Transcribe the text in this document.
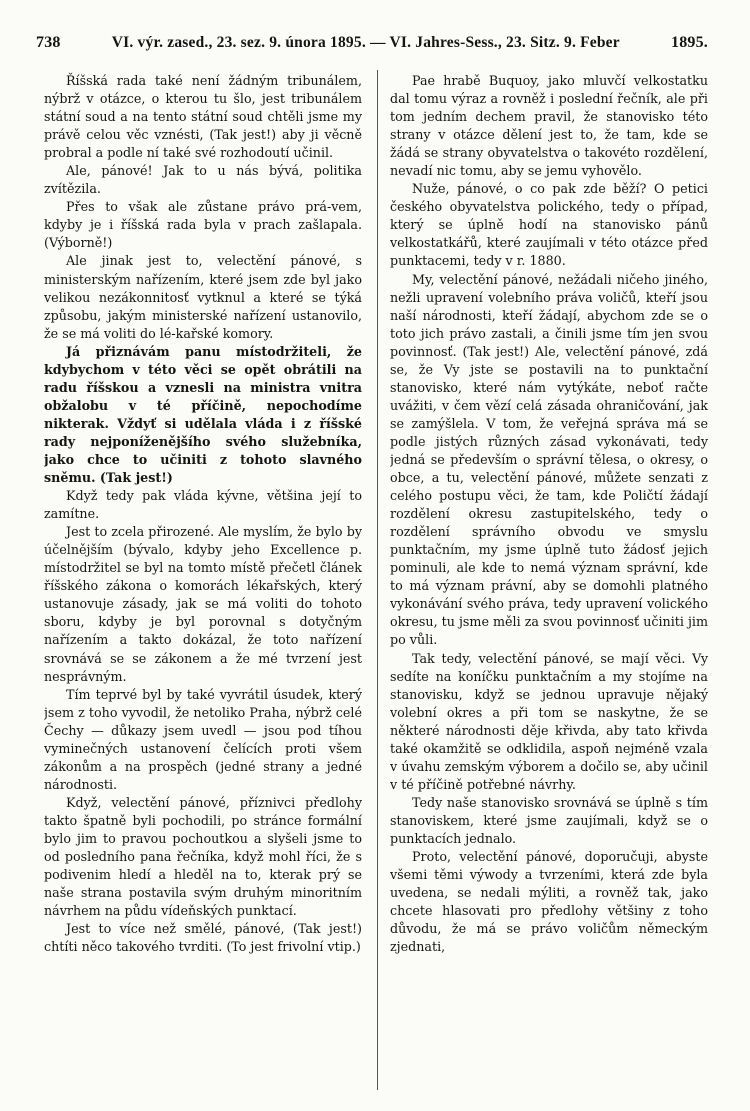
738	VI. výr. zased., 23. sez. 9. února 1895. — VI. Jahres-Sess., 23. Sitz. 9. Feber	1895.

Říšská rada také není žádným tribunálem, nýbrž v otázce, o kterou tu šlo, jest tribunálem státní soud a na tento státní soud chtěli jsme my právě celou věc vznésti, (Tak jest!) aby ji věcně probral a podle ní také své rozhodoutí učinil.

Ale, pánové! Jak to u nás bývá, politika zvítězila.

Přes to však ale zůstane právo prá-vem, kdyby je i říšská rada byla v prach zašlapala. (Výborně!)

Ale jinak jest to, velectění pánové, s ministerským nařízením, které jsem zde byl jako velikou nezákonnitosť vytknul a které se týká způsobu, jakým ministerské nařízení ustanovilo, že se má voliti do lé-kařské komory.

Já přiznávám panu místodržiteli, že kdybychom v této věci se opět obrátili na radu říšskou a vznesli na ministra vnitra obžalobu v té příčině, nepochodíme nikterak. Vždyť si udělala vláda i z říšské rady nejponíženějšího svého služebníka, jako chce to učiniti z tohoto slavného sněmu. (Tak jest!)

Když tedy pak vláda kývne, většina její to zamítne.

Jest to zcela přirozené. Ale myslím, že bylo by účelnějším (bývalo, kdyby jeho Excellence p. místodržitel se byl na tomto místě přečetl článek říšského zákona o komorách lékařských, který ustanovuje zásady, jak se má voliti do tohoto sboru, kdyby je byl porovnal s dotyčným nařízením a takto dokázal, že toto nařízení srovnává se se zákonem a že mé tvrzení jest nesprávným.

Tím teprvé byl by také vyvrátil úsudek, který jsem z toho vyvodil, že netoliko Praha, nýbrž celé Čechy — důkazy jsem uvedl — jsou pod tíhou vyminečných ustanovení čelících proti všem zákonům a na prospěch (jedné strany a jedné národnosti.

Když, velectění pánové, příznivci předlohy takto špatně byli pochodili, po stránce formální bylo jim to pravou pochoutkou a slyšeli jsme to od posledního pana řečníka, když mohl říci, že s podivenim hledí a hleděl na to, kterak prý se naše strana postavila svým druhým minoritním návrhem na půdu vídeňských punktací.

Jest to více než smělé, pánové, (Tak jest!) chtíti něco takového tvrditi. (To jest frivolní vtip.)

Pae hrabě Buquoy, jako mluvčí velkostatku dal tomu výraz a rovněž i poslední řečník, ale při tom jedním dechem pravil, že stanovisko této strany v otázce dělení jest to, že tam, kde se žádá se strany obyvatelstva o takovéto rozdělení, nevadí nic tomu, aby se jemu vyhovělo.

Nuže, pánové, o co pak zde běží? O petici českého obyvatelstva polického, tedy o případ, který se úplně hodí na stanovisko pánů velkostatkářů, které zaujímali v této otázce před punktacemi, tedy v r. 1880.

My, velectění pánové, nežádali ničeho jiného, nežli upravení volebního práva voličů, kteří jsou naší národnosti, kteří žádají, abychom zde se o toto jich právo zastali, a činili jsme tím jen svou povinnosť. (Tak jest!) Ale, velectění pánové, zdá se, že Vy jste se postavili na to punktační stanovisko, které nám vytýkáte, neboť račte uvážiti, v čem vězí celá zásada ohraničování, jak se zamýšlela. V tom, že veřejná správa má se podle jistých různých zásad vykonávati, tedy jedná se především o správní tělesa, o okresy, o obce, a tu, velectění pánové, můžete senzati z celého postupu věci, že tam, kde Poličtí žádají rozdělení okresu zastupitelského, tedy o rozdělení správního obvodu ve smyslu punktačním, my jsme úplně tuto žádosť jejich pominuli, ale kde to nemá význam správní, kde to má význam právní, aby se domohli platného vykonávání svého práva, tedy upravení volického okresu, tu jsme měli za svou povinnosť učiniti jim po vůli.

Tak tedy, velectění pánové, se mají věci. Vy sedíte na koníčku punktačním a my stojíme na stanovisku, když se jednou upravuje nějaký volební okres a při tom se naskytne, že se některé národnosti děje křivda, aby tato křivda také okamžitě se odklidila, aspoň nejméně vzala v úvahu zemským výborem a dočilo se, aby učinil v té příčině potřebné návrhy.

Tedy naše stanovisko srovnává se úplně s tím stanoviskem, které jsme zaujímali, když se o punktacích jednalo.

Proto, velectění pánové, doporučuji, abyste všemi těmi výwody a tvrzeními, která zde byla uvedena, se nedali mýliti, a rovněž tak, jako chcete hlasovati pro předlohy většiny z toho důvodu, že má se právo voličům německým zjednati,
